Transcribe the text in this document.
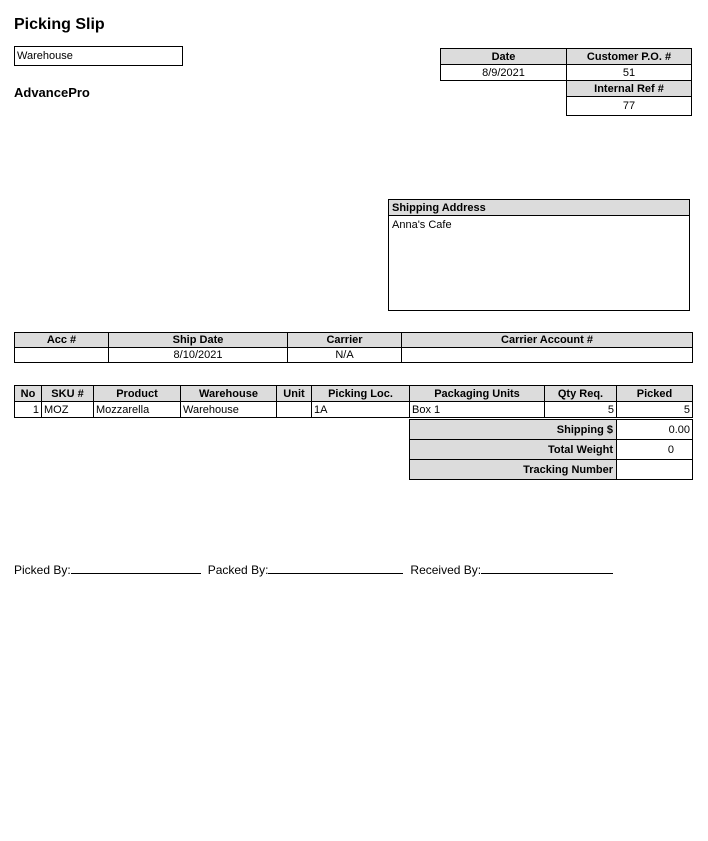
Picking Slip
Warehouse
AdvancePro
Date	Customer P.O. #
8/9/2021	51
	Internal Ref #
	77
Shipping Address
Anna's Cafe
Acc #	Ship Date	Carrier	Carrier Account #
	8/10/2021	N/A	
No	SKU #	Product	Warehouse	Unit	Picking Loc.	Packaging Units	Qty Req.	Picked
1	MOZ	Mozzarella	Warehouse		1A	Box 1	5	5
Shipping $	0.00
Total Weight	0
Tracking Number	
Picked By:	Packed By:	Received By:
